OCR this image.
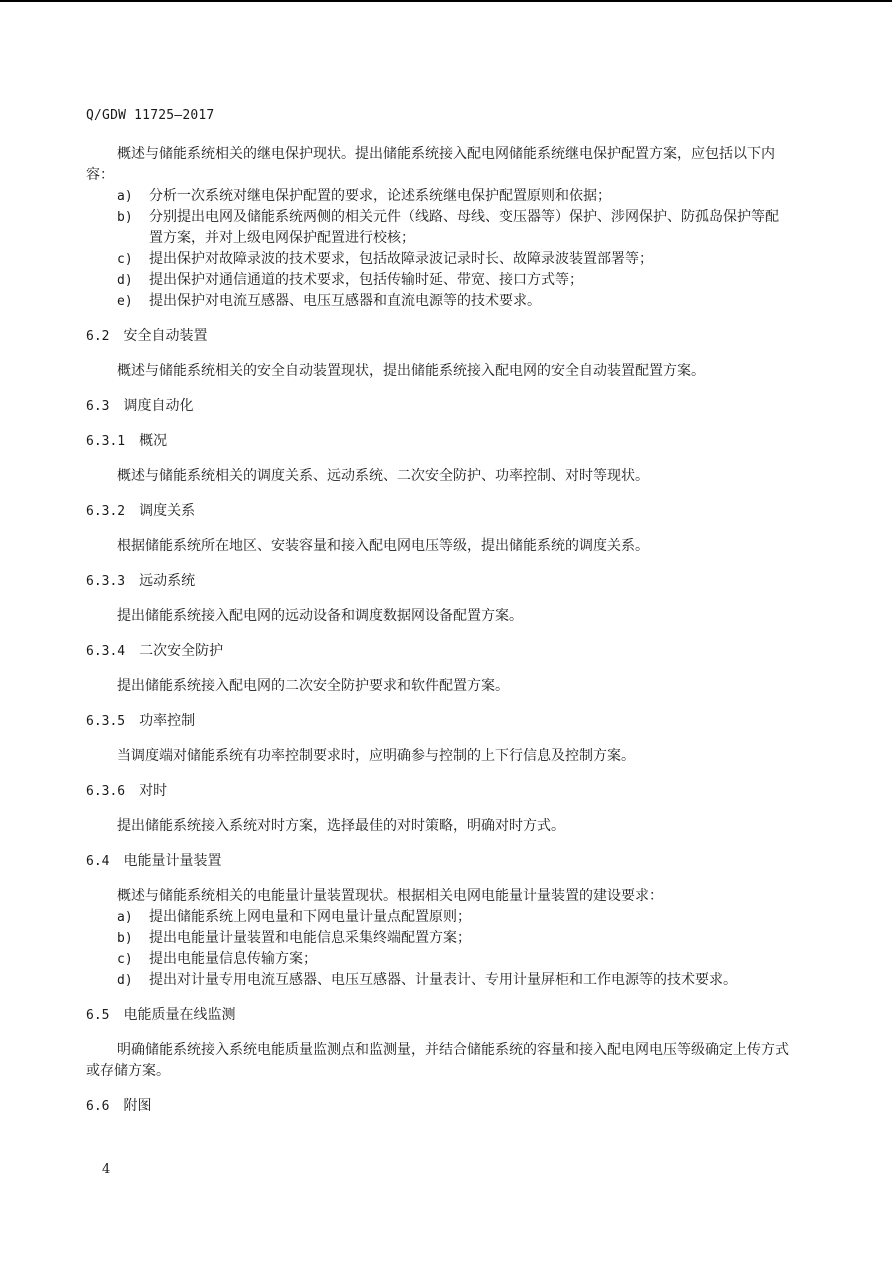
Q/GDW 11725—2017

概述与储能系统相关的继电保护现状。提出储能系统接入配电网储能系统继电保护配置方案，应包括以下内容：

a) 分析一次系统对继电保护配置的要求，论述系统继电保护配置原则和依据；
b) 分别提出电网及储能系统两侧的相关元件（线路、母线、变压器等）保护、涉网保护、防孤岛保护等配置方案，并对上级电网保护配置进行校核；
c) 提出保护对故障录波的技术要求，包括故障录波记录时长、故障录波装置部署等；
d) 提出保护对通信通道的技术要求，包括传输时延、带宽、接口方式等；
e) 提出保护对电流互感器、电压互感器和直流电源等的技术要求。
6.2 安全自动装置

概述与储能系统相关的安全自动装置现状，提出储能系统接入配电网的安全自动装置配置方案。

6.3 调度自动化
6.3.1 概况

概述与储能系统相关的调度关系、远动系统、二次安全防护、功率控制、对时等现状。

6.3.2 调度关系

根据储能系统所在地区、安装容量和接入配电网电压等级，提出储能系统的调度关系。

6.3.3 远动系统

提出储能系统接入配电网的远动设备和调度数据网设备配置方案。

6.3.4 二次安全防护

提出储能系统接入配电网的二次安全防护要求和软件配置方案。

6.3.5 功率控制

当调度端对储能系统有功率控制要求时，应明确参与控制的上下行信息及控制方案。

6.3.6 对时

提出储能系统接入系统对时方案，选择最佳的对时策略，明确对时方式。

6.4 电能量计量装置

概述与储能系统相关的电能量计量装置现状。根据相关电网电能量计量装置的建设要求：

a) 提出储能系统上网电量和下网电量计量点配置原则；
b) 提出电能量计量装置和电能信息采集终端配置方案；
c) 提出电能量信息传输方案；
d) 提出对计量专用电流互感器、电压互感器、计量表计、专用计量屏柜和工作电源等的技术要求。
6.5 电能质量在线监测

明确储能系统接入系统电能质量监测点和监测量，并结合储能系统的容量和接入配电网电压等级确定上传方式或存储方案。

6.6 附图
4
